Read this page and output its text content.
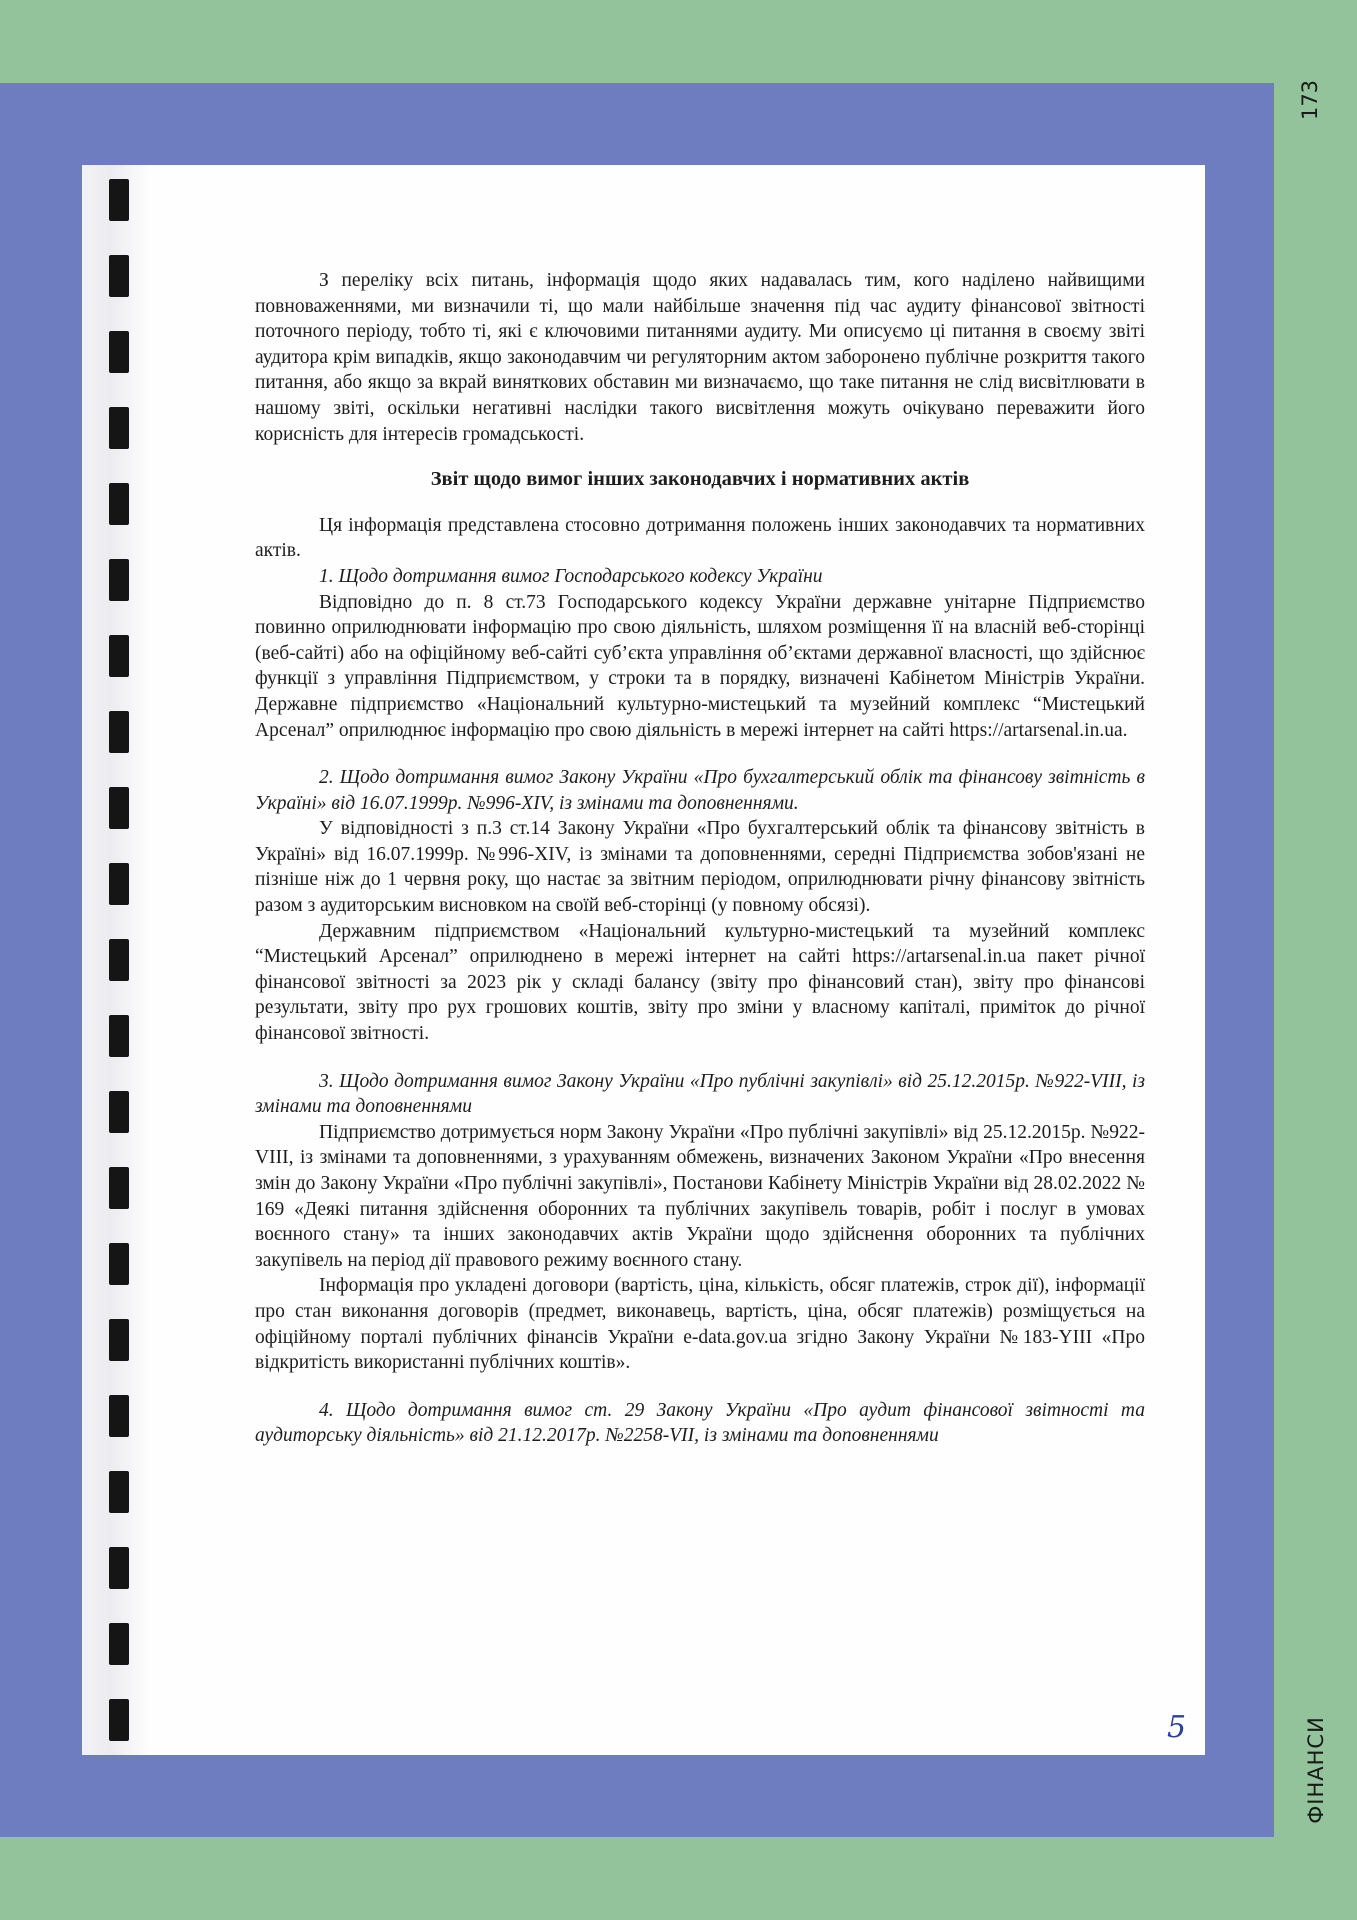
173
ФІНАНСИ

З переліку всіх питань, інформація щодо яких надавалась тим, кого наділено найвищими повноваженнями, ми визначили ті, що мали найбільше значення під час аудиту фінансової звітності поточного періоду, тобто ті, які є ключовими питаннями аудиту. Ми описуємо ці питання в своєму звіті аудитора крім випадків, якщо законодавчим чи регуляторним актом заборонено публічне розкриття такого питання, або якщо за вкрай виняткових обставин ми визначаємо, що таке питання не слід висвітлювати в нашому звіті, оскільки негативні наслідки такого висвітлення можуть очікувано переважити його корисність для інтересів громадськості.

Звіт щодо вимог інших законодавчих і нормативних актів

Ця інформація представлена стосовно дотримання положень інших законодавчих та нормативних актів.

1. Щодо дотримання вимог Господарського кодексу України

Відповідно до п. 8 ст.73 Господарського кодексу України державне унітарне Підприємство повинно оприлюднювати інформацію про свою діяльність, шляхом розміщення її на власній веб-сторінці (веб-сайті) або на офіційному веб-сайті суб’єкта управління об’єктами державної власності, що здійснює функції з управління Підприємством, у строки та в порядку, визначені Кабінетом Міністрів України. Державне підприємство «Національний культурно-мистецький та музейний комплекс “Мистецький Арсенал” оприлюднює інформацію про свою діяльність в мережі інтернет на сайті https://artarsenal.in.ua.

2. Щодо дотримання вимог Закону України «Про бухгалтерський облік та фінансову звітність в Україні» від 16.07.1999р. №996-XIV, із змінами та доповненнями.

У відповідності з п.3 ст.14 Закону України «Про бухгалтерський облік та фінансову звітність в Україні» від 16.07.1999р. №996-XIV, із змінами та доповненнями, середні Підприємства зобов'язані не пізніше ніж до 1 червня року, що настає за звітним періодом, оприлюднювати річну фінансову звітність разом з аудиторським висновком на своїй веб-сторінці (у повному обсязі).

Державним підприємством «Національний культурно-мистецький та музейний комплекс “Мистецький Арсенал” оприлюднено в мережі інтернет на сайті https://artarsenal.in.ua пакет річної фінансової звітності за 2023 рік у складі балансу (звіту про фінансовий стан), звіту про фінансові результати, звіту про рух грошових коштів, звіту про зміни у власному капіталі, приміток до річної фінансової звітності.

3. Щодо дотримання вимог Закону України «Про публічні закупівлі» від 25.12.2015р. №922-VIII, із змінами та доповненнями

Підприємство дотримується норм Закону України «Про публічні закупівлі» від 25.12.2015р. №922-VIII, із змінами та доповненнями, з урахуванням обмежень, визначених Законом України «Про внесення змін до Закону України «Про публічні закупівлі», Постанови Кабінету Міністрів України від 28.02.2022 № 169 «Деякі питання здійснення оборонних та публічних закупівель товарів, робіт і послуг в умовах воєнного стану» та інших законодавчих актів України щодо здійснення оборонних та публічних закупівель на період дії правового режиму воєнного стану.

Інформація про укладені договори (вартість, ціна, кількість, обсяг платежів, строк дії), інформації про стан виконання договорів (предмет, виконавець, вартість, ціна, обсяг платежів) розміщується на офіційному порталі публічних фінансів України e-data.gov.ua згідно Закону України №183-YIII «Про відкритість використанні публічних коштів».

4. Щодо дотримання вимог ст. 29 Закону України «Про аудит фінансової звітності та аудиторську діяльність» від 21.12.2017р. №2258-VII, із змінами та доповненнями

5
